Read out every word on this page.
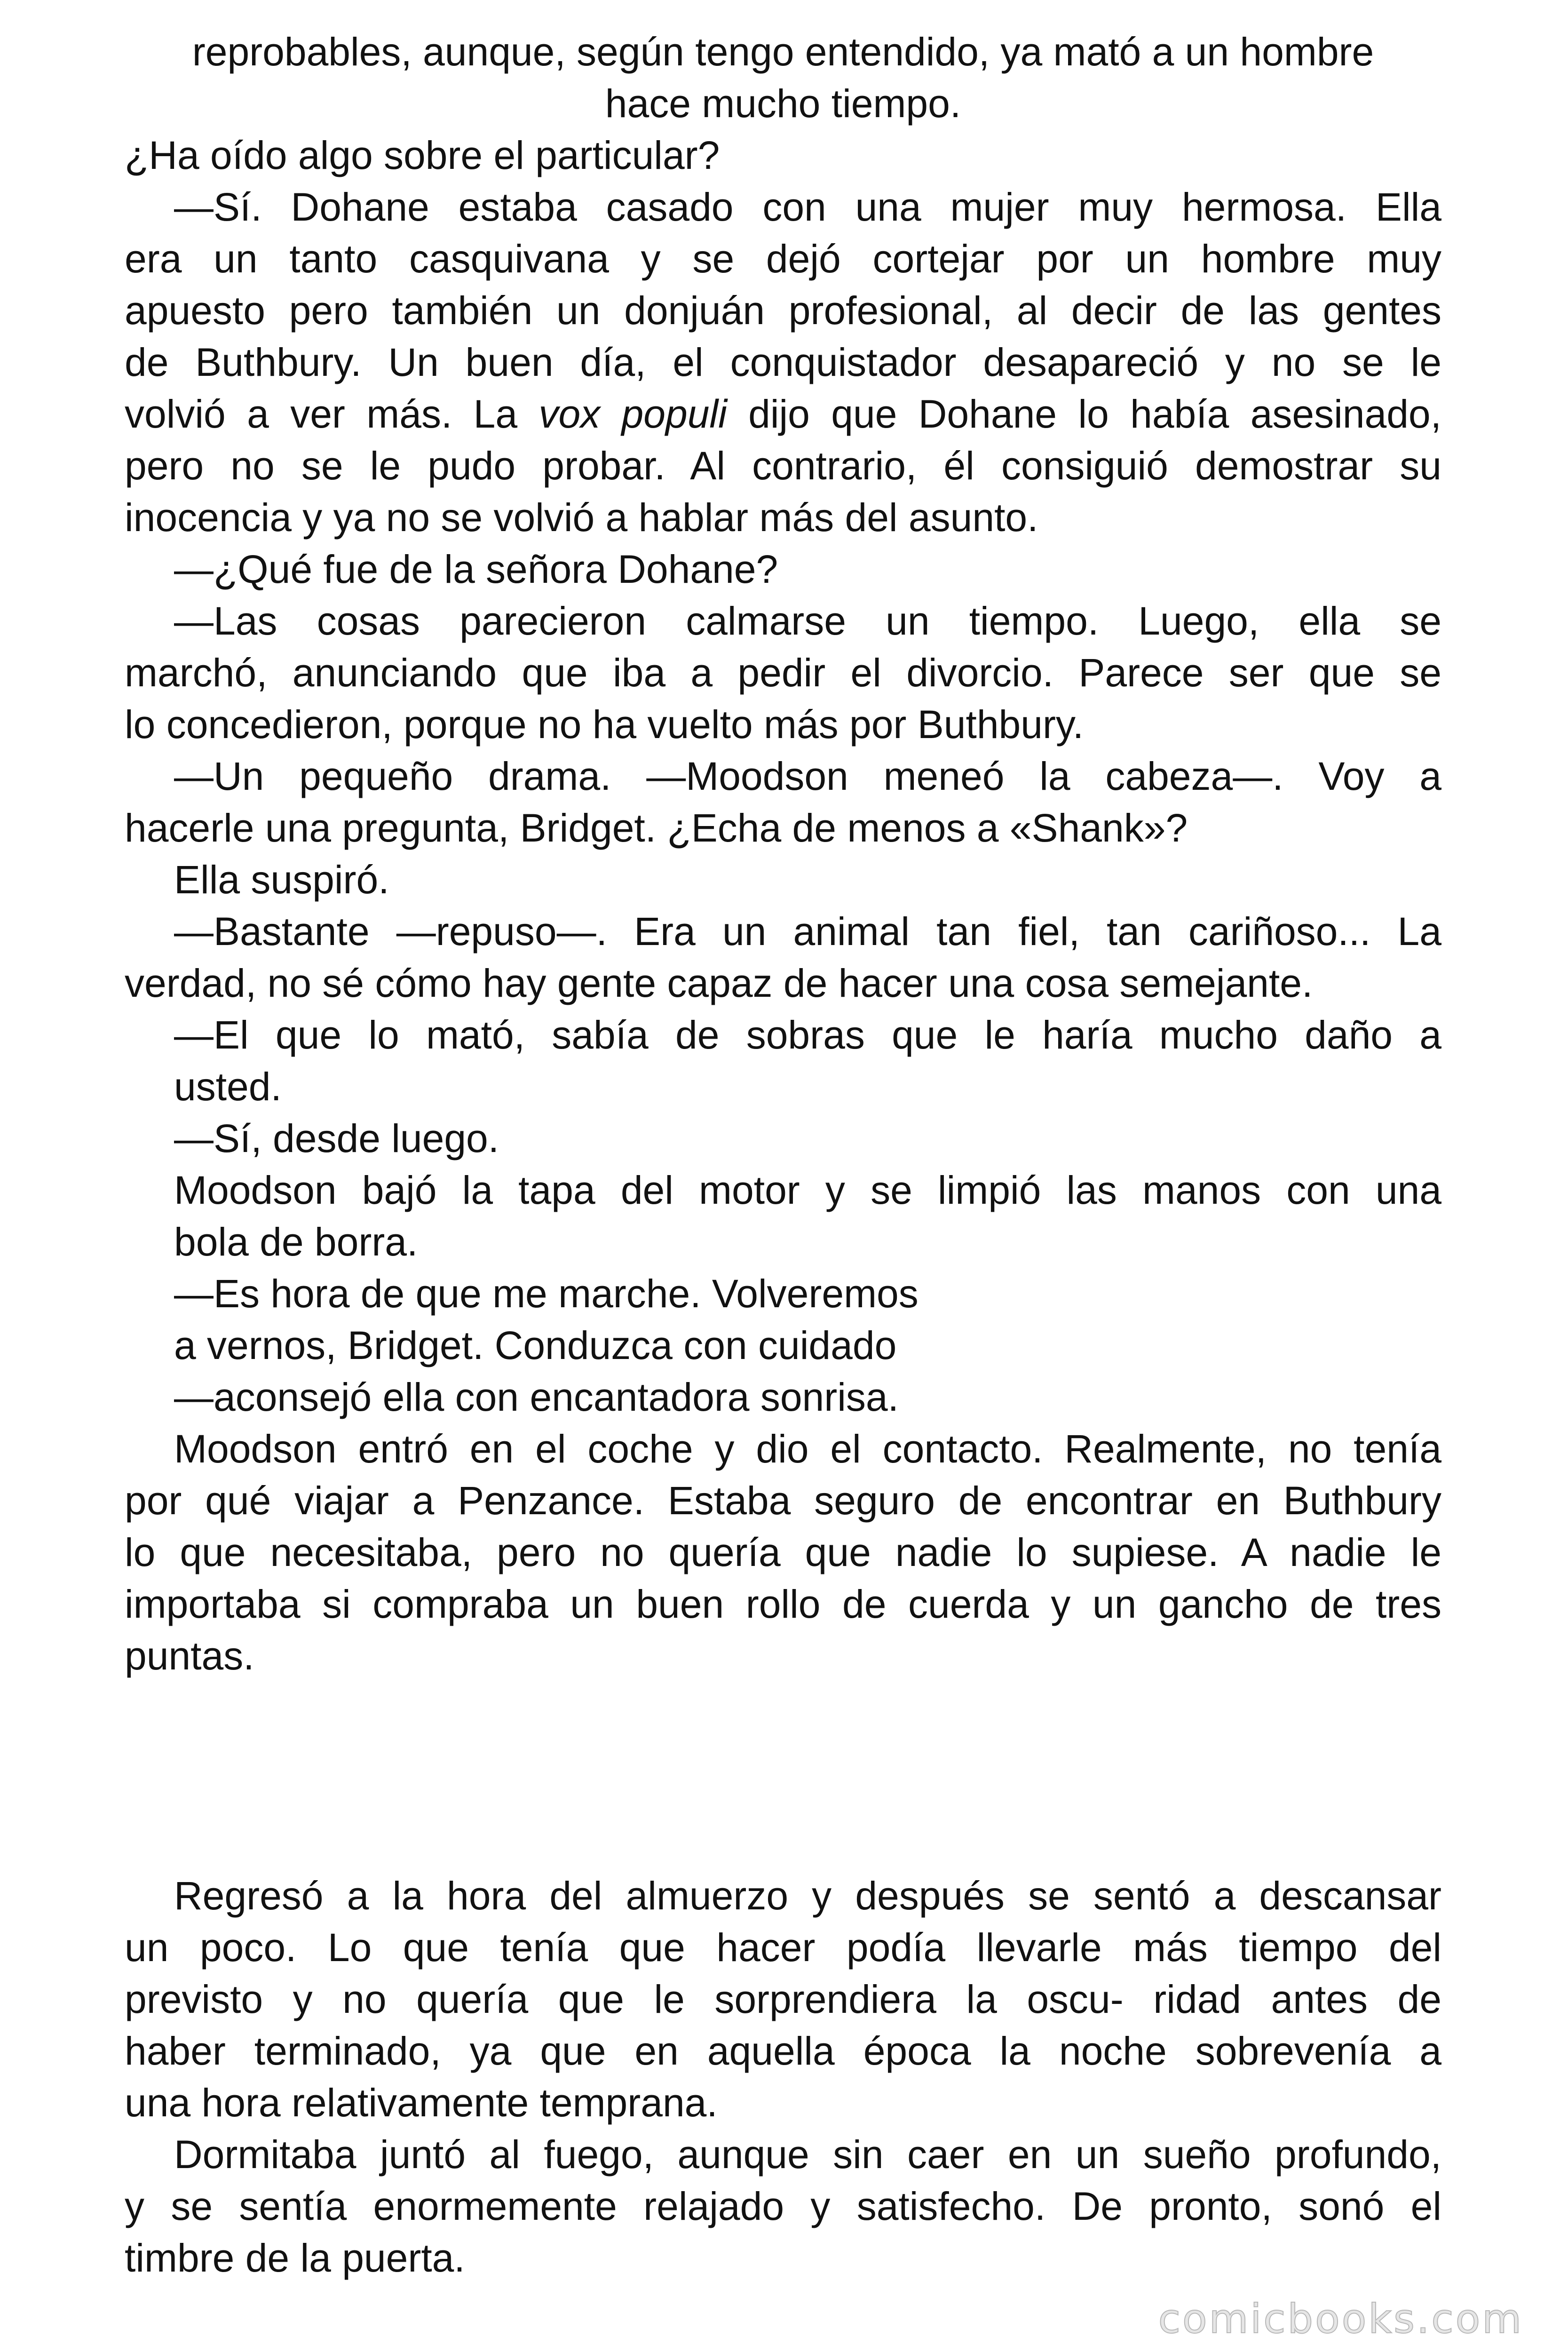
reprobables, aunque, según tengo entendido, ya mató a un hombre
hace mucho tiempo.
¿Ha oído algo sobre el particular?
—Sí. Dohane estaba casado con una mujer muy hermosa. Ella
era un tanto casquivana y se dejó cortejar por un hombre muy
apuesto pero también un donjuán profesional, al decir de las gentes
de Buthbury. Un buen día, el conquistador desapareció y no se le
volvió a ver más. La vox populi dijo que Dohane lo había asesinado,
pero no se le pudo probar. Al contrario, él consiguió demostrar su
inocencia y ya no se volvió a hablar más del asunto.
—¿Qué fue de la señora Dohane?
—Las cosas parecieron calmarse un tiempo. Luego, ella se
marchó, anunciando que iba a pedir el divorcio. Parece ser que se
lo concedieron, porque no ha vuelto más por Buthbury.
—Un pequeño drama. —Moodson meneó la cabeza—. Voy a
hacerle una pregunta, Bridget. ¿Echa de menos a «Shank»?
Ella suspiró.
—Bastante —repuso—. Era un animal tan fiel, tan cariñoso... La
verdad, no sé cómo hay gente capaz de hacer una cosa semejante.
—El que lo mató, sabía de sobras que le haría mucho daño a
usted.
—Sí, desde luego.
Moodson bajó la tapa del motor y se limpió las manos con una
bola de borra.
—Es hora de que me marche. Volveremos
a vernos, Bridget. Conduzca con cuidado
—aconsejó ella con encantadora sonrisa.
Moodson entró en el coche y dio el contacto. Realmente, no tenía
por qué viajar a Penzance. Estaba seguro de encontrar en Buthbury
lo que necesitaba, pero no quería que nadie lo supiese. A nadie le
importaba si compraba un buen rollo de cuerda y un gancho de tres
puntas.
Regresó a la hora del almuerzo y después se sentó a descansar
un poco. Lo que tenía que hacer podía llevarle más tiempo del
previsto y no quería que le sorprendiera la oscu- ridad antes de
haber terminado, ya que en aquella época la noche sobrevenía a
una hora relativamente temprana.
Dormitaba juntó al fuego, aunque sin caer en un sueño profundo,
y se sentía enormemente relajado y satisfecho. De pronto, sonó el
timbre de la puerta.
comicbooks.com
